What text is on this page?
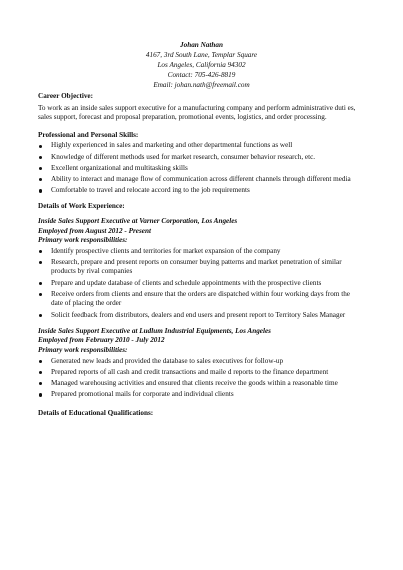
Johan Nathan
4167, 3rd South Lane, Templar Square
Los Angeles, California 94302
Contact: 705-426-8819
Email: johan.nath@freemail.com
Career Objective:

To work as an inside sales support executive for a manufacturing company and perform administrative duti es, sales support, forecast and proposal preparation, promotional events, logistics, and order processing.

Professional and Personal Skills:
Highly experienced in sales and marketing and other departmental functions as well
Knowledge of different methods used for market research, consumer behavior research, etc.
Excellent organizational and multitasking skills
Ability to interact and manage flow of communication across different channels through different media
Comfortable to travel and relocate accord ing to the job requirements
Details of Work Experience:
Inside Sales Support Executive at Varner Corporation, Los Angeles
Employed from August 2012 - Present
Primary work responsibilities:
Identify prospective clients and territories for market expansion of the company
Research, prepare and present reports on consumer buying patterns and market penetration of similar products by rival companies
Prepare and update database of clients and schedule appointments with the prospective clients
Receive orders from clients and ensure that the orders are dispatched within four working days from the date of placing the order
Solicit feedback from distributors, dealers and end users and present report to Territory Sales Manager
Inside Sales Support Executive at Ludlum Industrial Equipments, Los Angeles
Employed from February 2010 - July 2012
Primary work responsibilities:
Generated new leads and provided the database to sales executives for follow-up
Prepared reports of all cash and credit transactions and maile d reports to the finance department
Managed warehousing activities and ensured that clients receive the goods within a reasonable time
Prepared promotional mails for corporate and individual clients
Details of Educational Qualifications:
